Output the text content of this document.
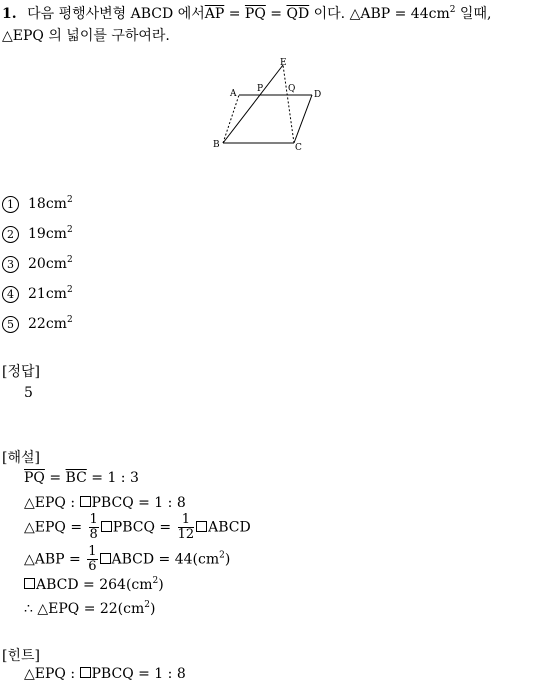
1. 다음 평행사변형 ABCD 에서$\overline{AP} = \overline{PQ} = \overline{QD}$ 이다. △ABP = $44cm^2$ 일때,
△EPQ 의 넓이를 구하여라.
E
A P	Q
D
B	C
1 $18cm^2$
2 $19cm^2$
3 $20cm^2$
4 $21cm^2$
5 $22cm^2$
[정답]
5
[해설]
$\overline{PQ} = \overline{BC} = 1$ : 3
△EPQ : PBCQ = 1 : 8
△EPQ = $\frac{1}{8}$ PBCQ = $\frac{1}{12}$ ABCD
△ABP = $\frac{1}{6}$ ABCD = $44(cm^2)$
ABCD = $264(cm^2)$
∴ △EPQ = $22(cm^2)$
[힌트]
△EPQ : PBCQ = 1 : 8
